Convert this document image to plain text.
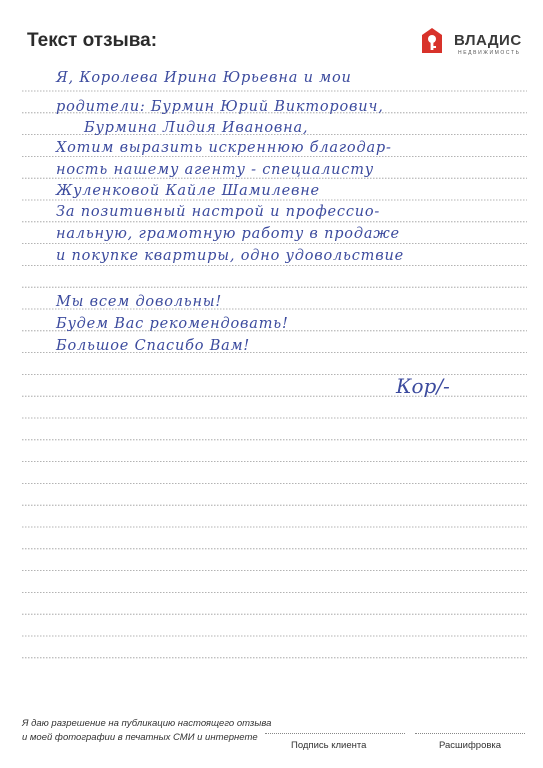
Текст отзыва:	ВЛАДИС
НЕДВИЖИМОСТЬ
Я, Королева Ирина Юрьевна и мои
родители: Бурмин Юрий Викторович,
Бурмина Лидия Ивановна,
Хотим выразить искреннюю благодар-
ность нашему агенту - специалисту
Жуленковой Кайле Шамилевне
За позитивный настрой и профессио-
нальную, грамотную работу в продаже
и покупке квартиры, одно удовольствие
Мы всем довольны!
Будем Вас рекомендовать!
Большое Спасибо Вам!
Кор/-
Я даю разрешение на публикацию настоящего отзыва
и моей фотографии в печатных СМИ и интернете
Подпись клиента	Расшифровка
